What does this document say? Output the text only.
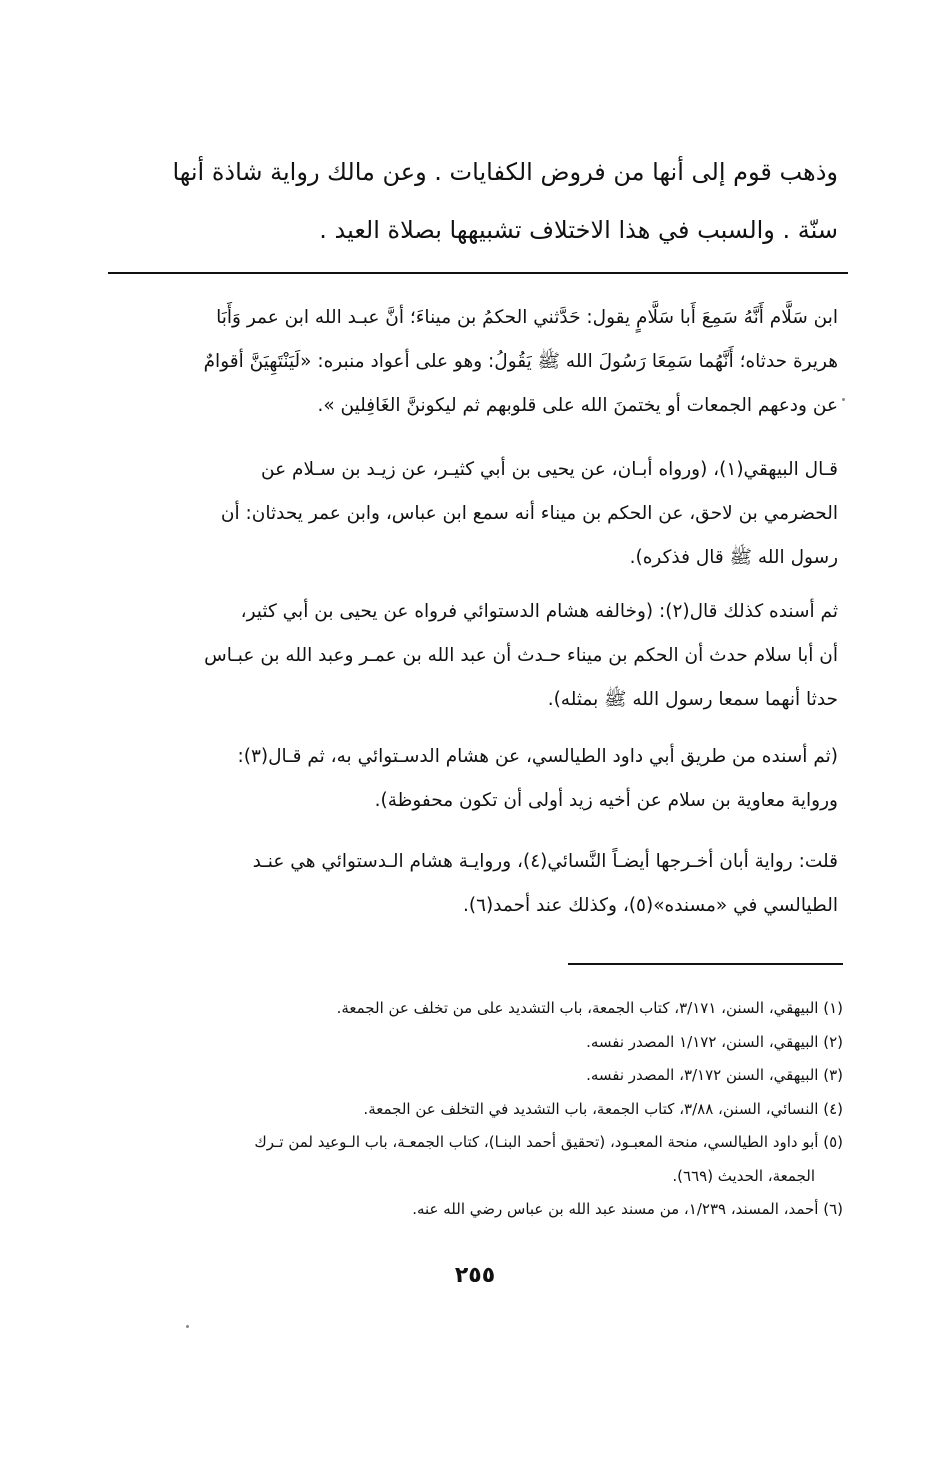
وذهب قوم إلى أنها من فروض الكفايات . وعن مالك رواية شاذة أنها
سنّة . والسبب في هذا الاختلاف تشبيهها بصلاة العيد .

ابن سَلَّام أَنَّهُ سَمِعَ أَبا سَلَّامٍ يقول: حَدَّثني الحكمُ بن ميناءَ؛ أنَّ عبـد الله ابن عمر وَأَبَا
هريرة حدثاه؛ أَنَّهُما سَمِعَا رَسُولَ الله ﷺ يَقُولُ: وهو على أعواد منبره: «لَيَنْتَهِيَنَّ أقوامٌ
عن ودعهم الجمعات أو يختمنَ الله على قلوبهم ثم ليكوننَّ الغَافِلين ».

قـال البيهقي(١)، (ورواه أبـان، عن يحيى بن أبي كثيـر، عن زيـد بن سـلام عن
الحضرمي بن لاحق، عن الحكم بن ميناء أنه سمع ابن عباس، وابن عمر يحدثان: أن
رسول الله ﷺ قال فذكره).

ثم أسنده كذلك قال(٢): (وخالفه هشام الدستوائي فرواه عن يحيى بن أبي كثير،
أن أبا سلام حدث أن الحكم بن ميناء حـدث أن عبد الله بن عمـر وعبد الله بن عبـاس
حدثا أنهما سمعا رسول الله ﷺ بمثله).

(ثم أسنده من طريق أبي داود الطيالسي، عن هشام الدسـتوائي به، ثم قـال(٣):
ورواية معاوية بن سلام عن أخيه زيد أولى أن تكون محفوظة).

قلت: رواية أبان أخـرجها أيضـاً النَّسائي(٤)، وروايـة هشام الـدستوائي هي عنـد
الطيالسي في «مسنده»(٥)، وكذلك عند أحمد(٦).

(١) البيهقي، السنن، ٣/١٧١، كتاب الجمعة، باب التشديد على من تخلف عن الجمعة.
(٢) البيهقي، السنن، ١/١٧٢ المصدر نفسه.
(٣) البيهقي، السنن ٣/١٧٢، المصدر نفسه.
(٤) النسائي، السنن، ٣/٨٨، كتاب الجمعة، باب التشديد في التخلف عن الجمعة.
(٥) أبو داود الطيالسي، منحة المعبـود، (تحقيق أحمد البنـا)، كتاب الجمعـة، باب الـوعيد لمن تـرك
الجمعة، الحديث (٦٦٩).
(٦) أحمد، المسند، ١/٢٣٩، من مسند عبد الله بن عباس رضي الله عنه.
٢٥٥
